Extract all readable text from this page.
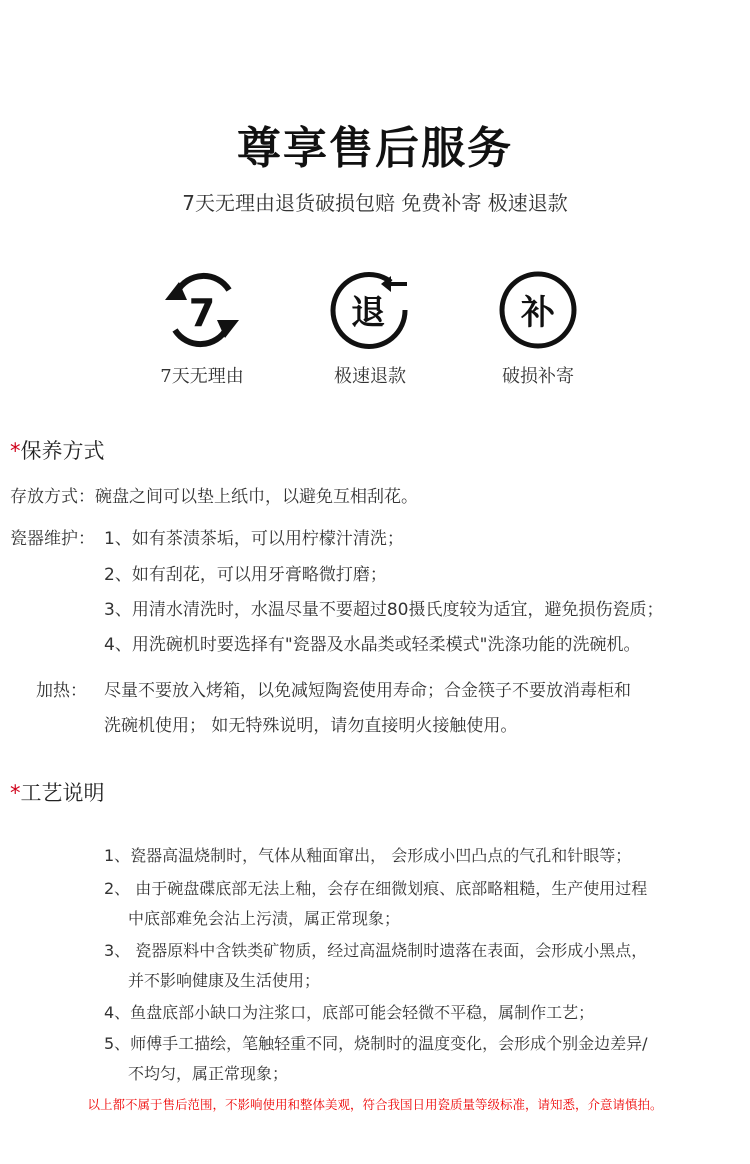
尊享售后服务
7天无理由退货破损包赔 免费补寄 极速退款
7
7天无理由
退
极速退款
补
破损补寄
*保养方式
存放方式：碗盘之间可以垫上纸巾，以避免互相刮花。
瓷器维护： 1、如有茶渍茶垢，可以用柠檬汁清洗；
2、如有刮花，可以用牙膏略微打磨；
3、用清水清洗时，水温尽量不要超过80摄氏度较为适宜，避免损伤瓷质；
4、用洗碗机时要选择有"瓷器及水晶类或轻柔模式"洗涤功能的洗碗机。
加热： 尽量不要放入烤箱，以免减短陶瓷使用寿命；合金筷子不要放消毒柜和
洗碗机使用； 如无特殊说明，请勿直接明火接触使用。
*工艺说明
1、瓷器高温烧制时，气体从釉面窜出， 会形成小凹凸点的气孔和针眼等；
2、 由于碗盘碟底部无法上釉，会存在细微划痕、底部略粗糙，生产使用过程
中底部难免会沾上污渍，属正常现象；
3、 瓷器原料中含铁类矿物质，经过高温烧制时遗落在表面，会形成小黑点，
并不影响健康及生活使用；
4、鱼盘底部小缺口为注浆口，底部可能会轻微不平稳，属制作工艺；
5、师傅手工描绘，笔触轻重不同，烧制时的温度变化，会形成个别金边差异/
不均匀，属正常现象；
以上都不属于售后范围，不影响使用和整体美观，符合我国日用瓷质量等级标准，请知悉，介意请慎拍。
